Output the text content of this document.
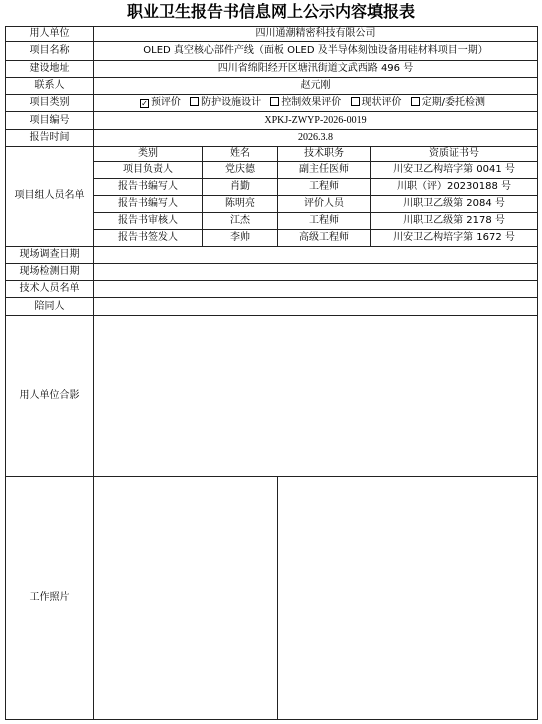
职业卫生报告书信息网上公示内容填报表
用人单位	四川通潮精密科技有限公司			
项目名称	OLED 真空核心部件产线（面板 OLED 及半导体刻蚀设备用硅材料项目一期）			
建设地址	四川省绵阳经开区塘汛街道文武西路 496 号			
联系人	赵元刚			
项目类别	✓ 预评价 防护设施设计 控制效果评价 现状评价 定期/委托检测			
项目编号	XPKJ-ZWYP-2026-0019			
报告时间	2026.3.8			
项目组人员名单	类别	姓名	技术职务	资质证书号
	项目负责人	党庆德	副主任医师	川安卫乙构培字第 0041 号
	报告书编写人	肖勤	工程师	川职（评）20230188 号
	报告书编写人	陈明亮	评价人员	川职卫乙级第 2084 号
	报告书审核人	江杰	工程师	川职卫乙级第 2178 号
	报告书签发人	李帅	高级工程师	川安卫乙构培字第 1672 号
现场调查日期				
现场检测日期				
技术人员名单				
陪同人				
用人单位合影				
工作照片				
